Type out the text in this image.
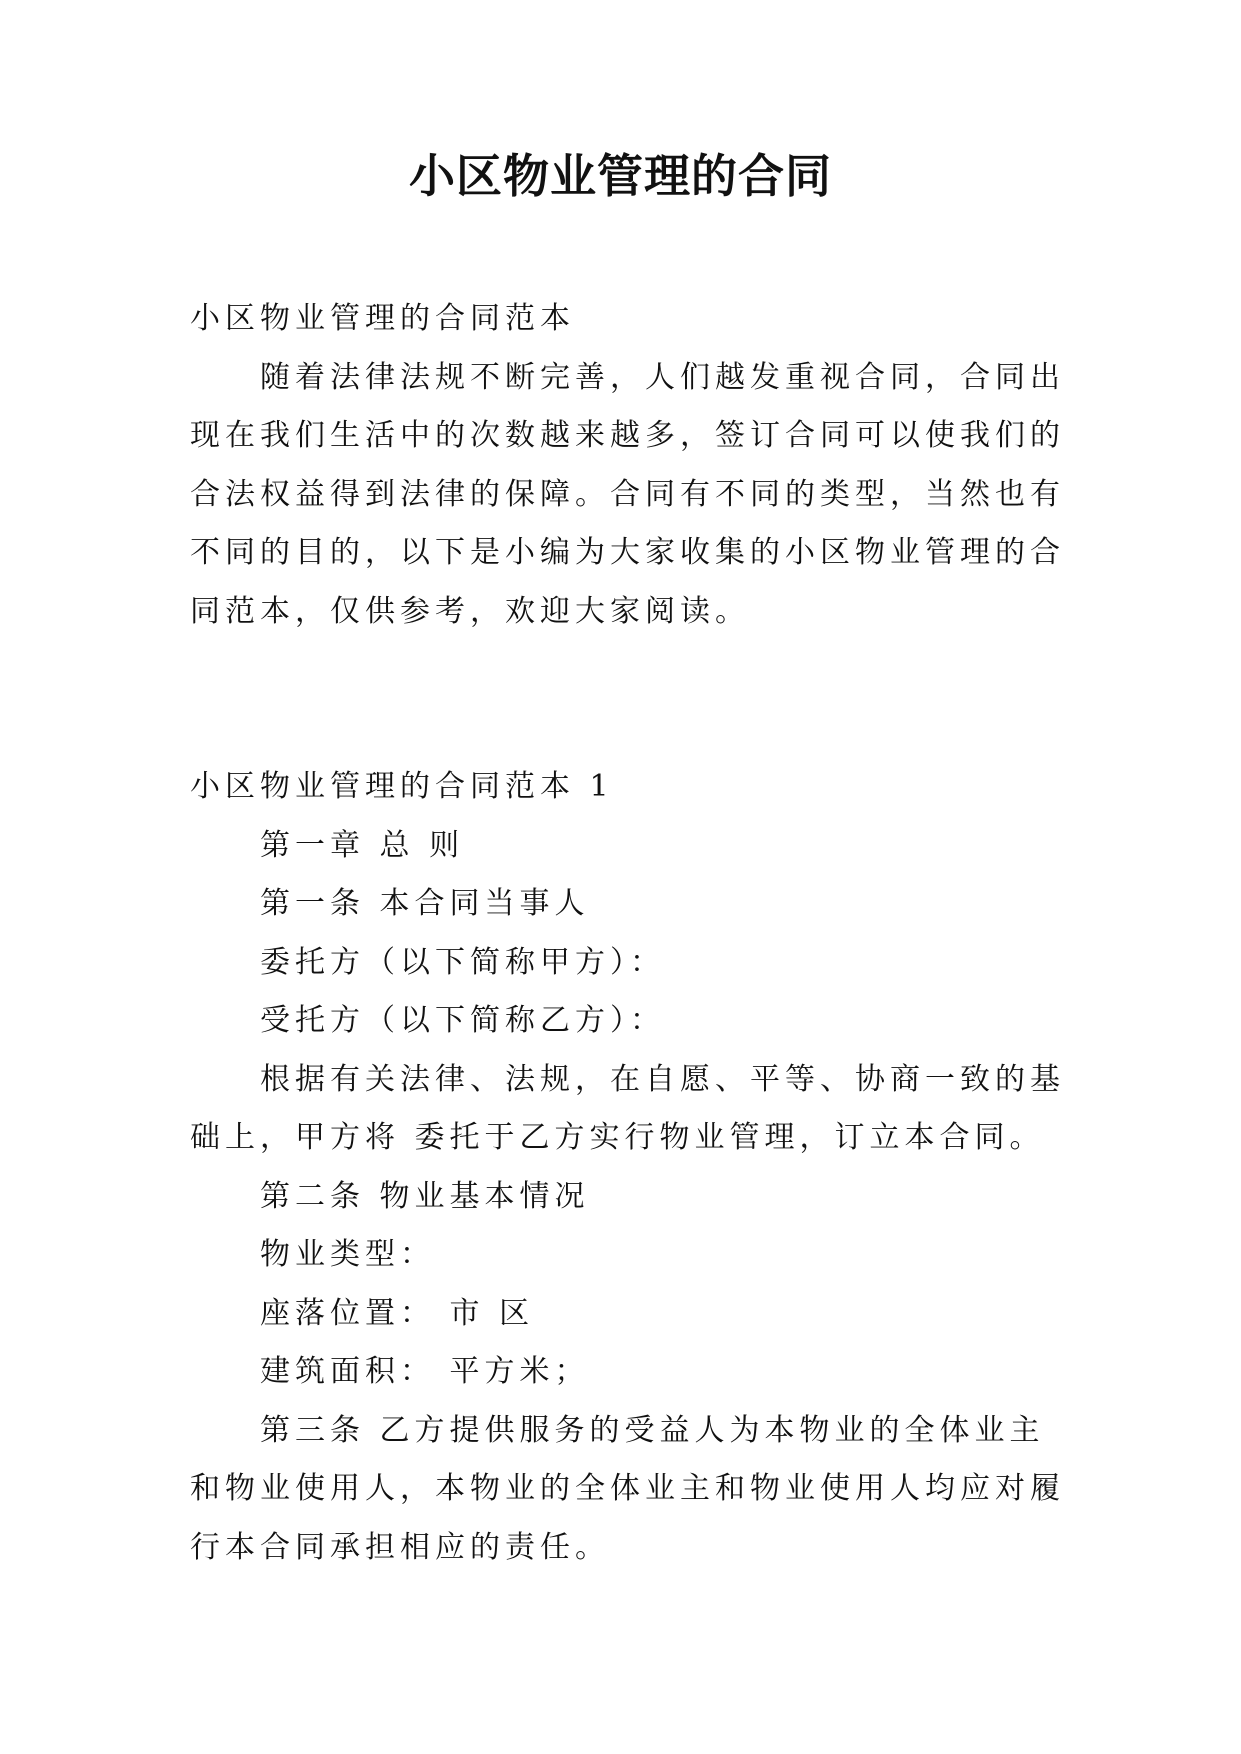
小区物业管理的合同

小区物业管理的合同范本

随着法律法规不断完善，人们越发重视合同，合同出现在我们生活中的次数越来越多，签订合同可以使我们的合法权益得到法律的保障。合同有不同的类型，当然也有不同的目的，以下是小编为大家收集的小区物业管理的合同范本，仅供参考，欢迎大家阅读。

小区物业管理的合同范本 1

第一章 总 则

第一条 本合同当事人

委托方（以下简称甲方）：

受托方（以下简称乙方）：

根据有关法律、法规，在自愿、平等、协商一致的基础上，甲方将 委托于乙方实行物业管理，订立本合同。

第二条 物业基本情况

物业类型：

座落位置： 市 区

建筑面积： 平方米；

第三条 乙方提供服务的受益人为本物业的全体业主和物业使用人，本物业的全体业主和物业使用人均应对履行本合同承担相应的责任。
